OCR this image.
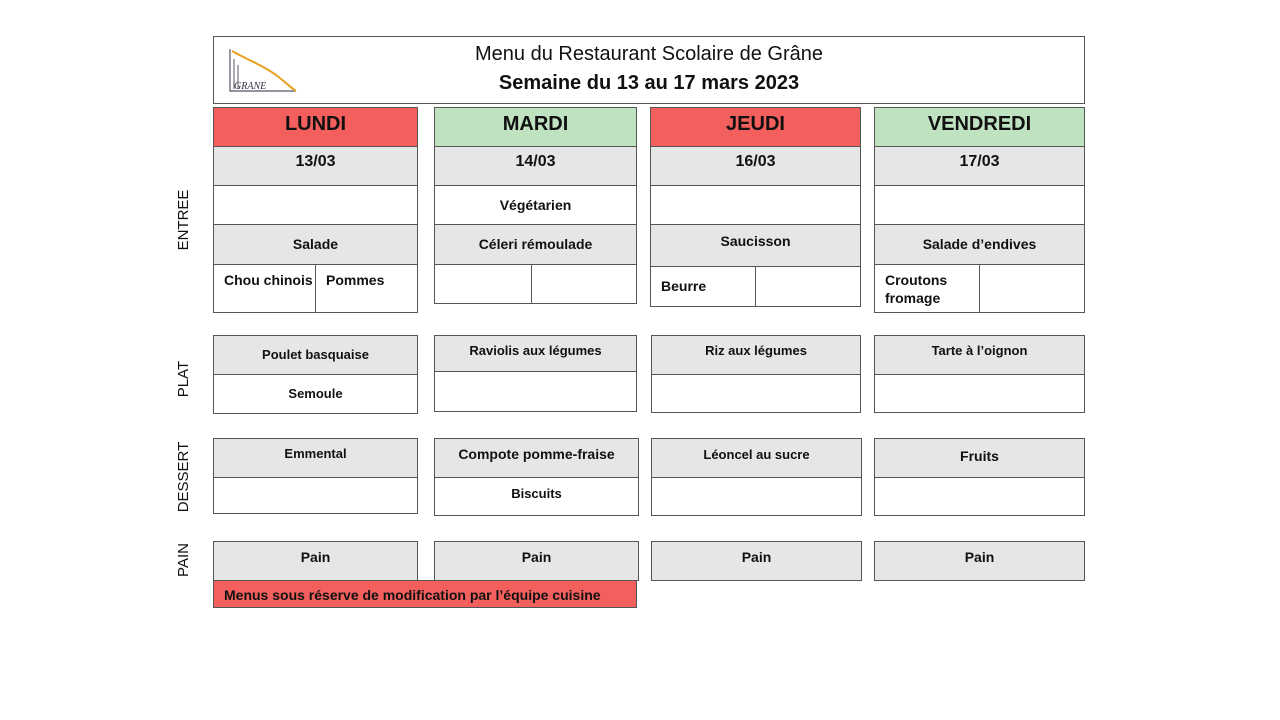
GRANE
Menu du Restaurant Scolaire de Grâne
Semaine du 13 au 17 mars 2023
ENTREE
PLAT
DESSERT
PAIN
LUNDI
13/03
Salade
Chou chinois Pommes
Poulet basquaise
Semoule
Emmental
Pain
MARDI
14/03
Végétarien
Céleri rémoulade
Raviolis aux légumes
Compote pomme-fraise
Biscuits
Pain
JEUDI
16/03
Saucisson
Beurre
Riz aux légumes
Léoncel au sucre
Pain
VENDREDI
17/03
Salade d’endives
Croutons fromage
Tarte à l’oignon
Fruits
Pain
Menus sous réserve de modification par l’équipe cuisine
